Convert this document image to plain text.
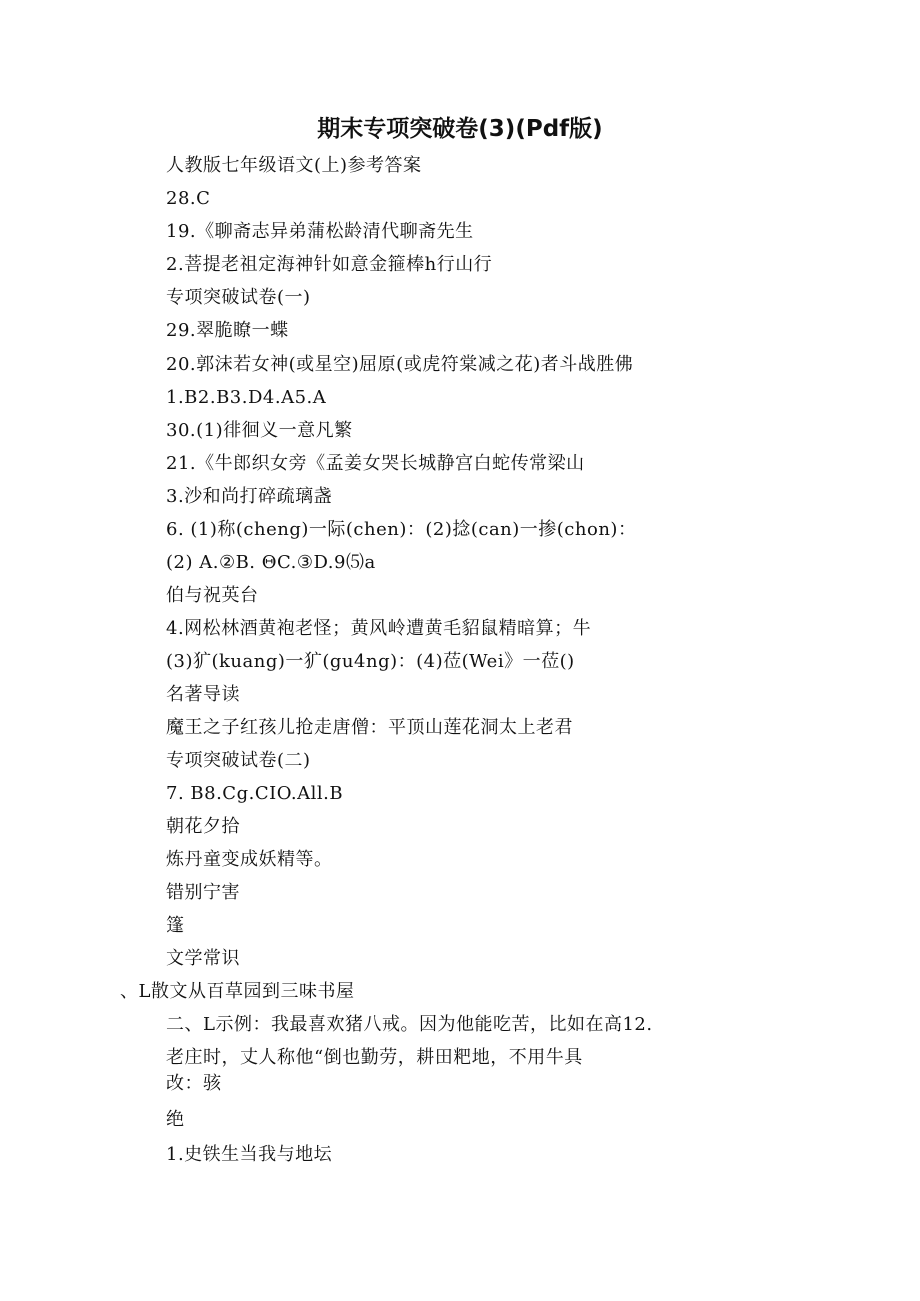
期末专项突破卷(3)(Pdf版)
人教版七年级语文(上)参考答案
28.C
19.《聊斋志异弟蒲松龄清代聊斋先生
2.菩提老祖定海神针如意金箍棒h行山行
专项突破试卷(一)
29.翠脆瞭一蝶
20.郭沫若女神(或星空)屈原(或虎符棠减之花)者斗战胜佛
1.B2.B3.D4.A5.A
30.(1)徘徊义一意凡繁
21.《牛郎织女旁《孟姜女哭长城静宫白蛇传常梁山
3.沙和尚打碎疏璃盏
6. (1)称(cheng)一际(chen)：(2)捻(can)一掺(chon)：
(2) A.②B. ΘC.③D.9⑸a
伯与祝英台
4.网松林酒黄袍老怪；黄风岭遭黄毛貂鼠精暗算；牛
(3)犷(kuang)一犷(gu4ng)：(4)莅(Wei》一莅()
名著导读
魔王之子红孩儿抢走唐僧：平顶山莲花洞太上老君
专项突破试卷(二)
7. B8.Cg.CIO.All.B
朝花夕拾
炼丹童变成妖精等。
错别宁害
篷
文学常识
、L散文从百草园到三味书屋
二、L示例：我最喜欢猪八戒。因为他能吃苦，比如在高12.
老庄时，丈人称他“倒也勤劳，耕田粑地，不用牛具
改：骇
绝
1.史铁生当我与地坛
